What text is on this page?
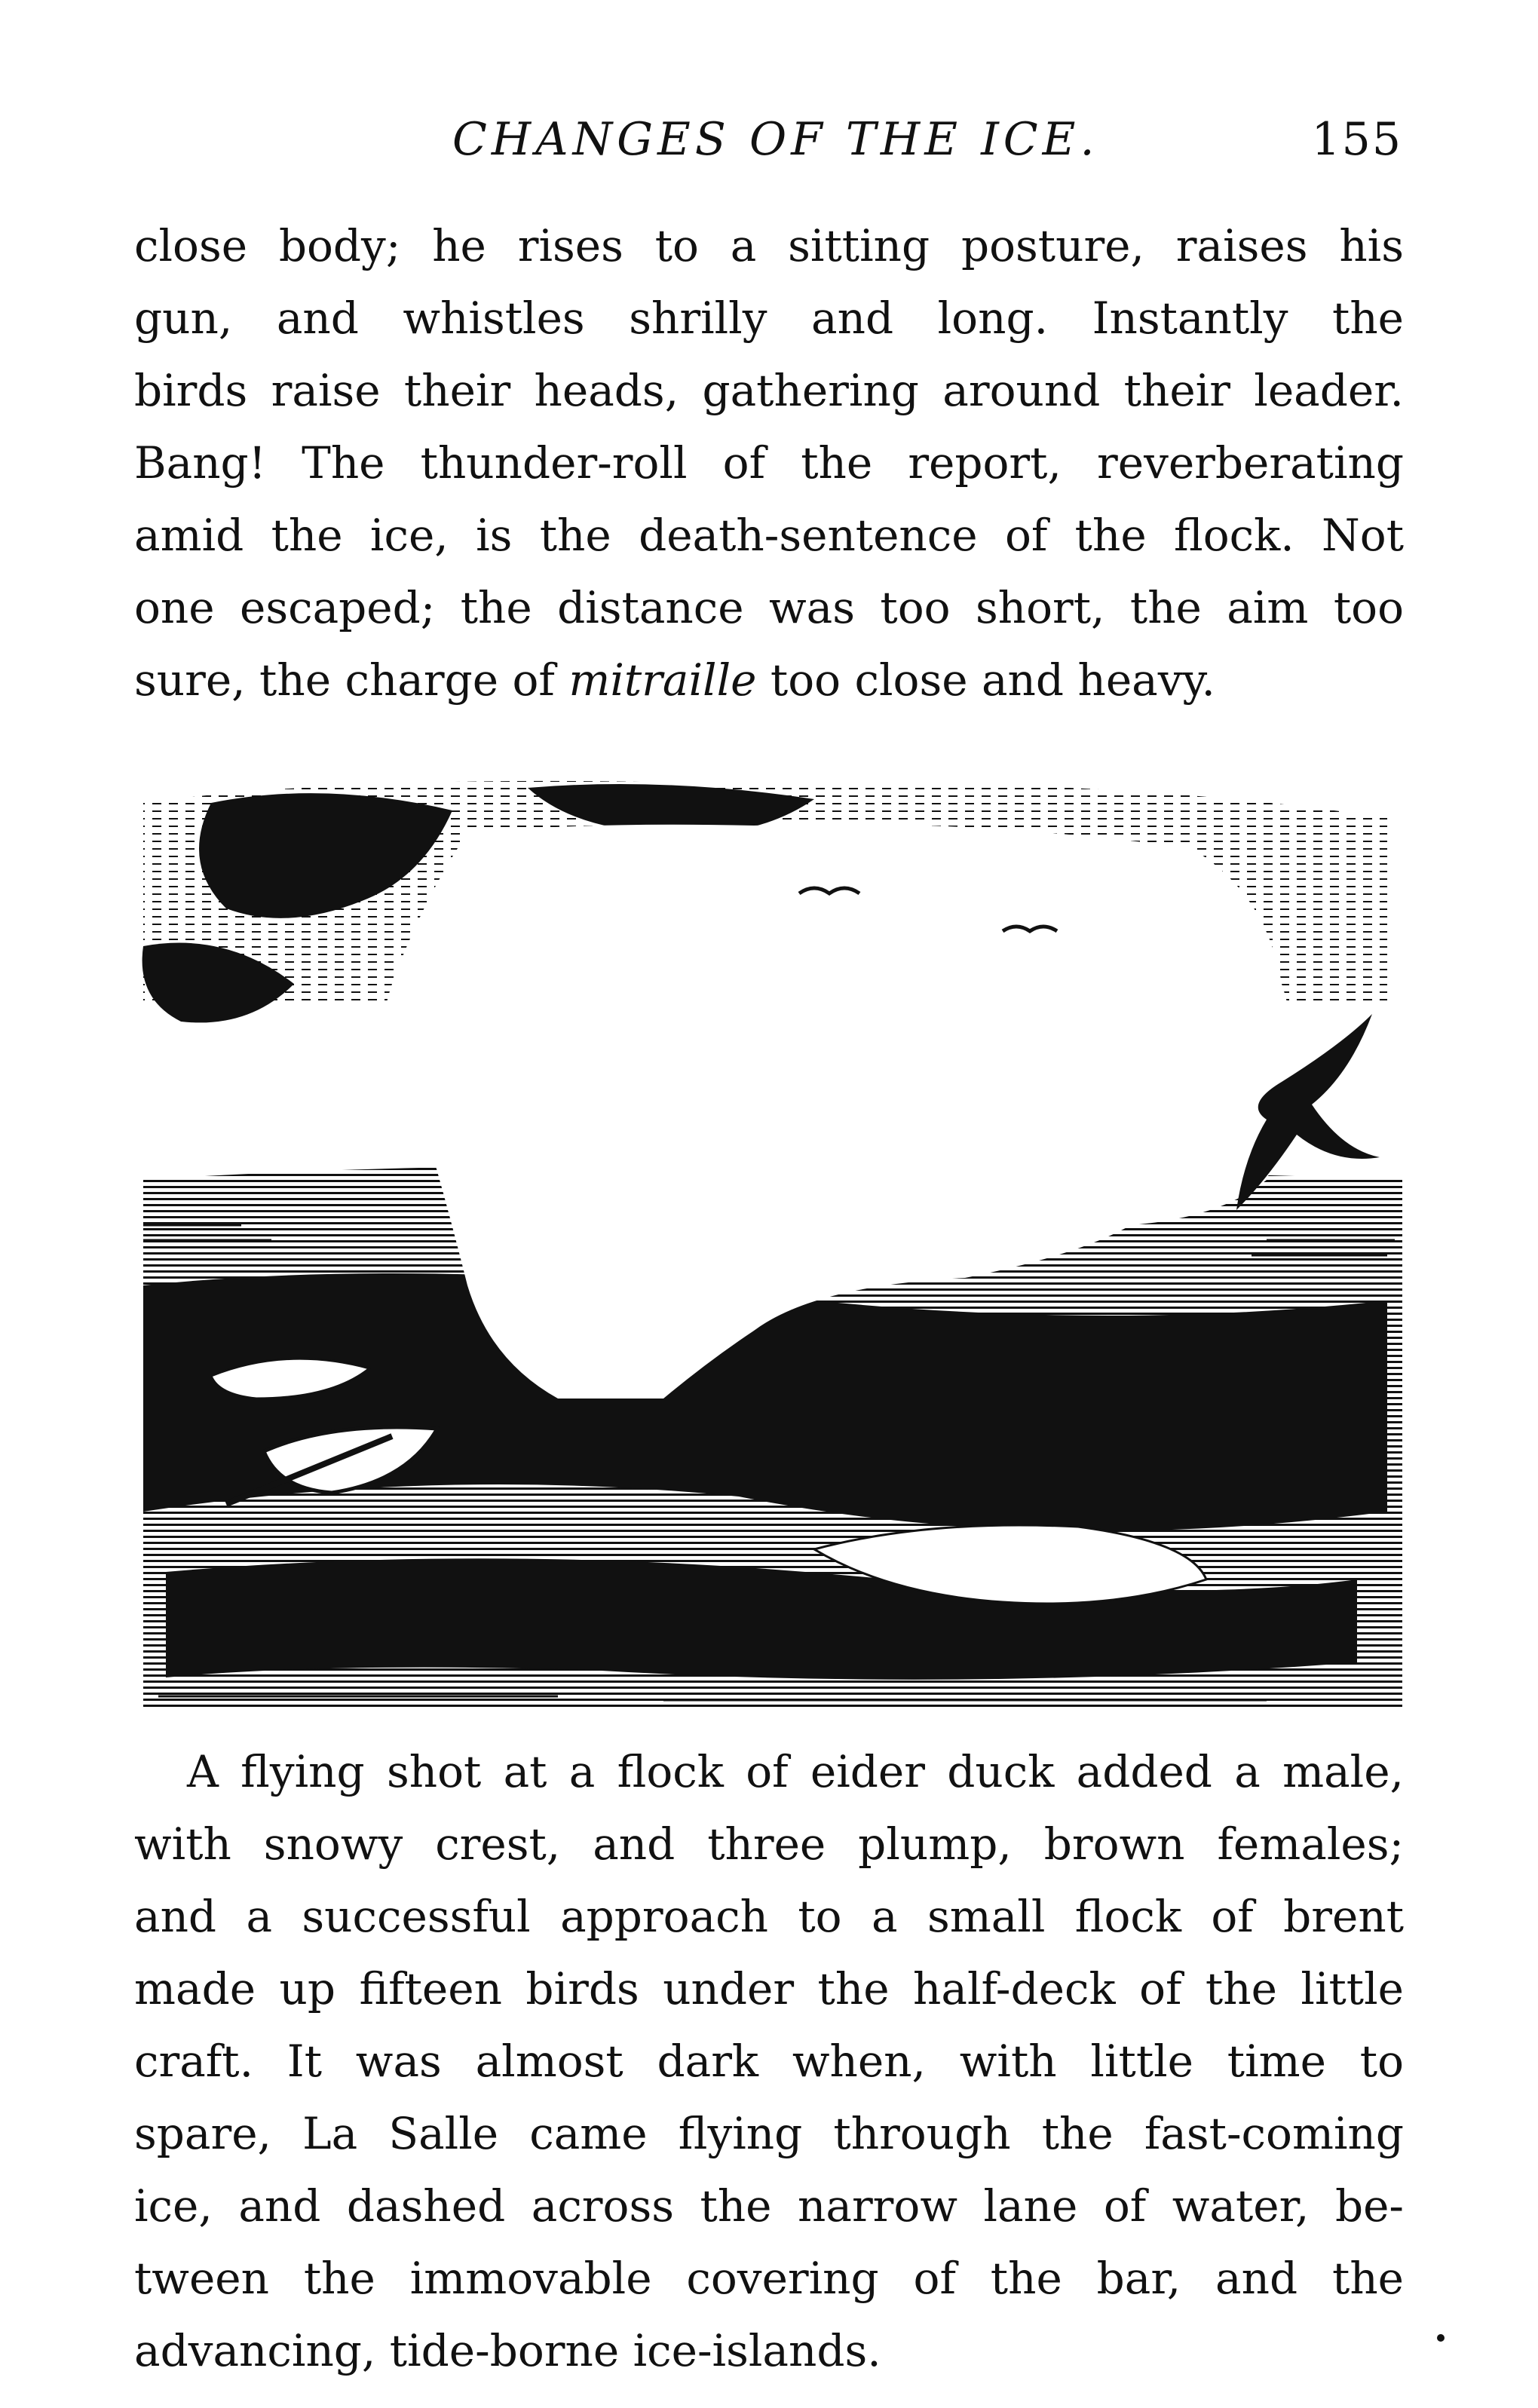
CHANGES OF THE ICE.	155
close body; he rises to a sitting posture, raises his
gun, and whistles shrilly and long. Instantly the
birds raise their heads, gathering around their leader.
Bang! The thunder-roll of the report, reverberating
amid the ice, is the death-sentence of the flock. Not
one escaped; the distance was too short, the aim too
sure, the charge of mitraille too close and heavy.
A flying shot at a flock of eider duck added a male,
with snowy crest, and three plump, brown females;
and a successful approach to a small flock of brent
made up fifteen birds under the half-deck of the little
craft. It was almost dark when, with little time to
spare, La Salle came flying through the fast-coming
ice, and dashed across the narrow lane of water, be-
tween the immovable covering of the bar, and the
advancing, tide-borne ice-islands.
